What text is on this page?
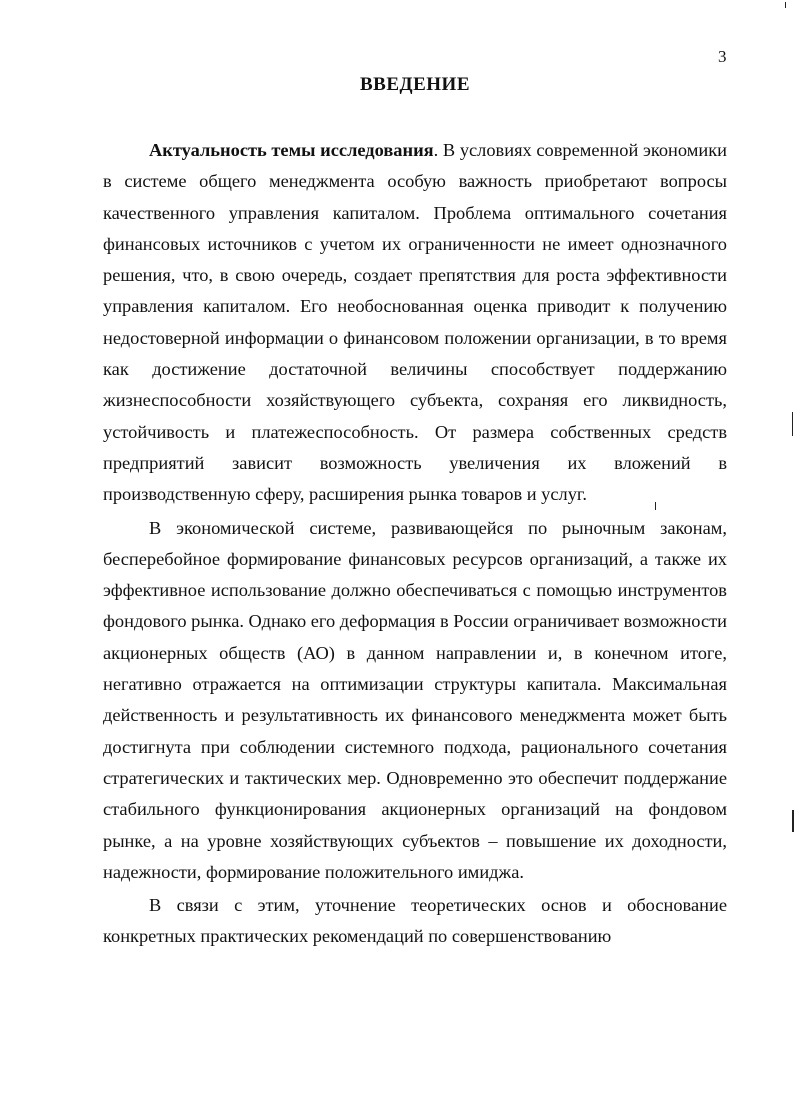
3
ВВЕДЕНИЕ

Актуальность темы исследования. В условиях современной экономики в системе общего менеджмента особую важность приобретают вопросы качественного управления капиталом. Проблема оптимального сочетания финансовых источников с учетом их ограниченности не имеет однозначного решения, что, в свою очередь, создает препятствия для роста эффективности управления капиталом. Его необоснованная оценка приводит к получению недостоверной информации о финансовом положении организации, в то время как достижение достаточной величины способствует поддержанию жизнеспособности хозяйствующего субъекта, сохраняя его ликвидность, устойчивость и платежеспособность. От размера собственных средств предприятий зависит возможность увеличения их вложений в производственную сферу, расширения рынка товаров и услуг.

В экономической системе, развивающейся по рыночным законам, бесперебойное формирование финансовых ресурсов организаций, а также их эффективное использование должно обеспечиваться с помощью инструментов фондового рынка. Однако его деформация в России ограничивает возможности акционерных обществ (АО) в данном направлении и, в конечном итоге, негативно отражается на оптимизации структуры капитала. Максимальная действенность и результативность их финансового менеджмента может быть достигнута при соблюдении системного подхода, рационального сочетания стратегических и тактических мер. Одновременно это обеспечит поддержание стабильного функционирования акционерных организаций на фондовом рынке, а на уровне хозяйствующих субъектов – повышение их доходности, надежности, формирование положительного имиджа.

В связи с этим, уточнение теоретических основ и обоснование конкретных практических рекомендаций по совершенствованию
